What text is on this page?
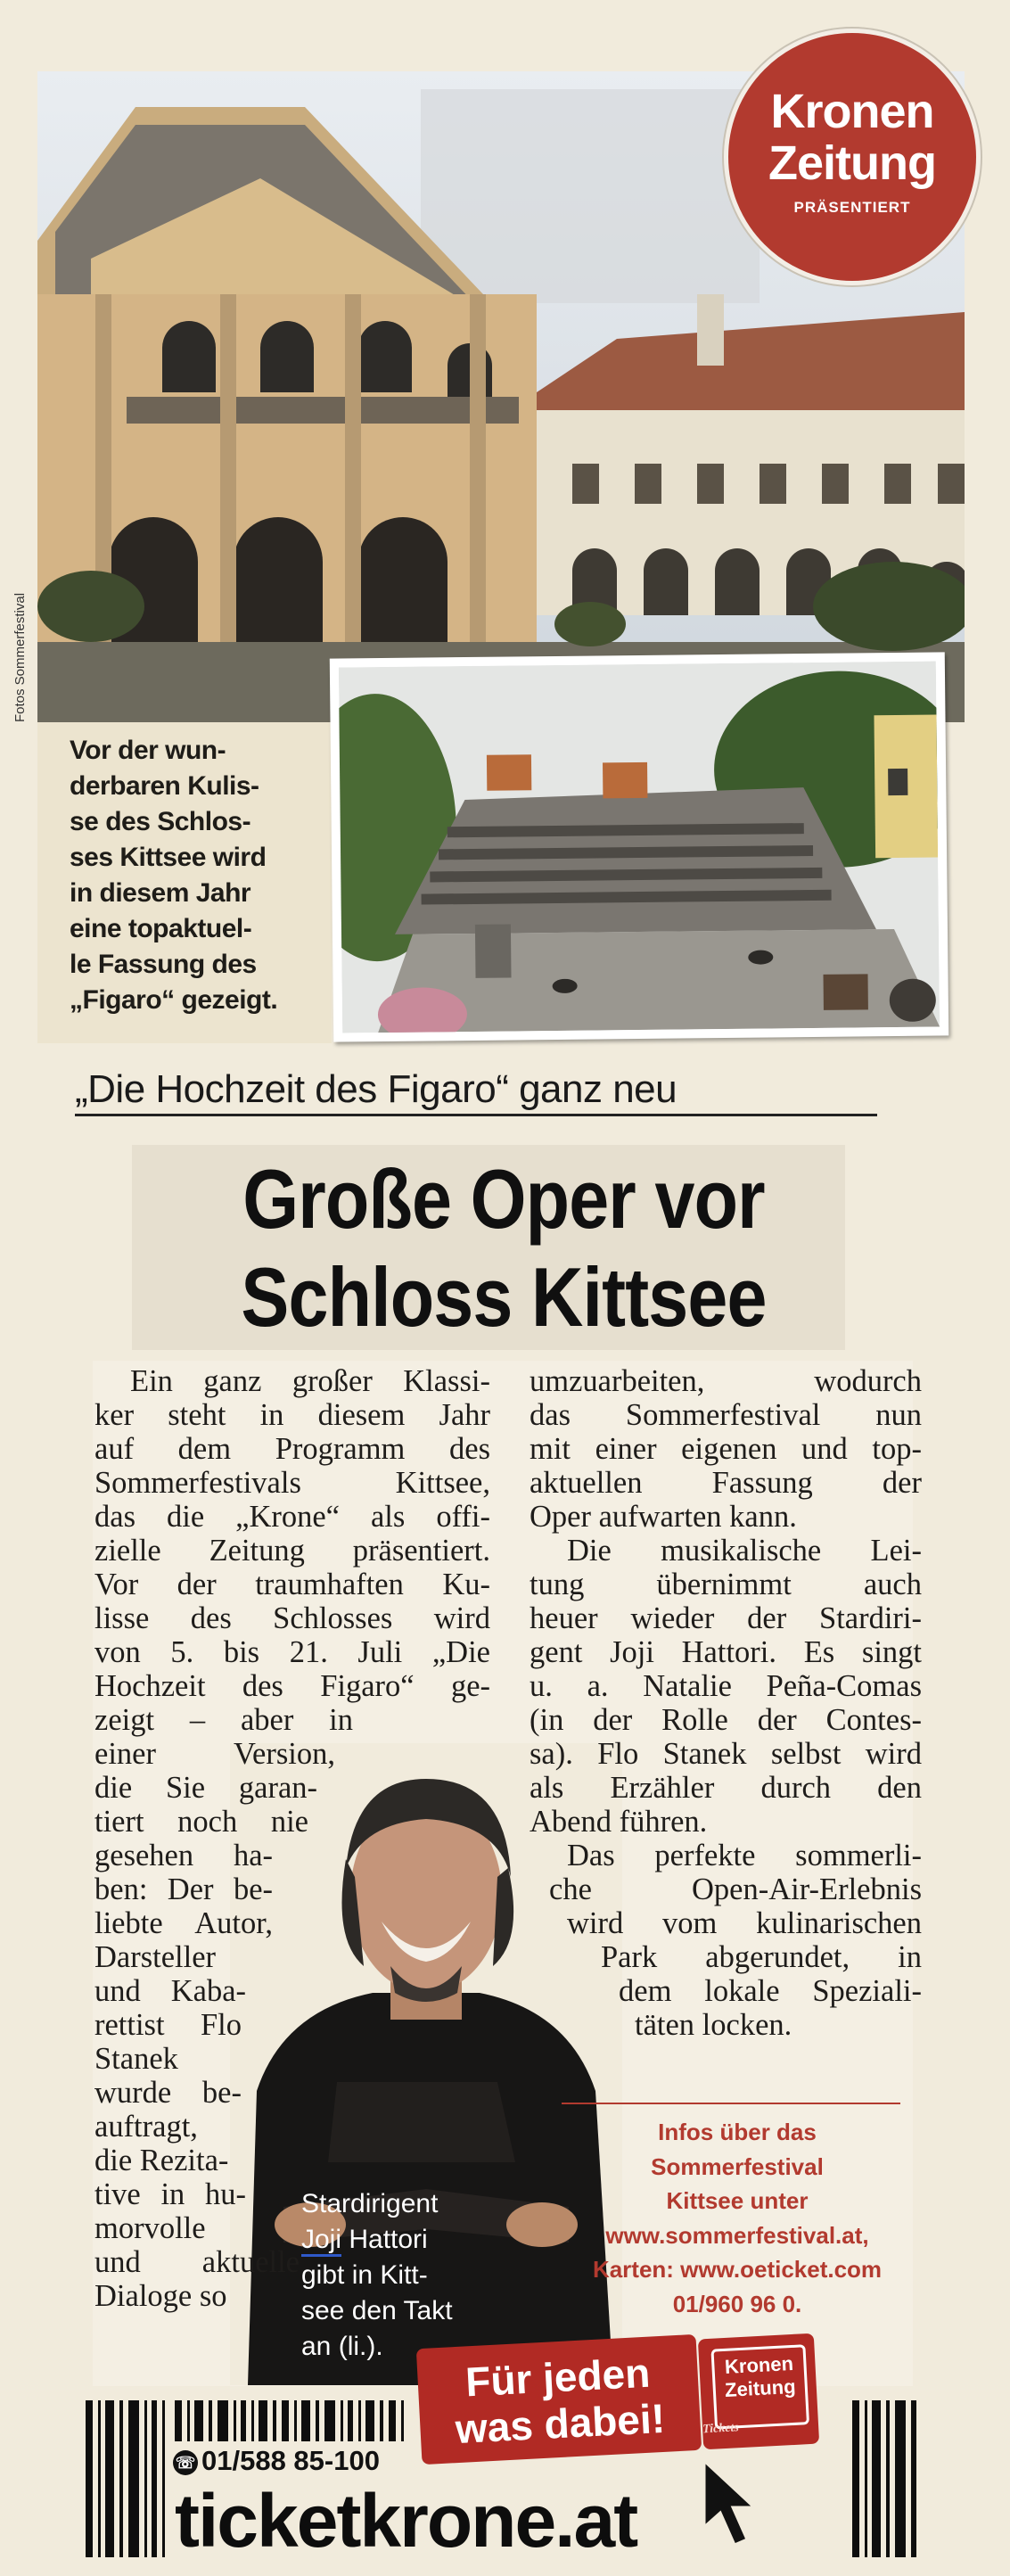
Fotos Sommerfestival
Kronen
Zeitung
PRÄSENTIERT
Vor der wun-
derbaren Kulis-
se des Schlos-
ses Kittsee wird
in diesem Jahr
eine topaktuel-
le Fassung des
„Figaro“ gezeigt.
„Die Hochzeit des Figaro“ ganz neu
Große Oper vor
Schloss Kittsee
Stardirigent
Joji Hattori
gibt in Kitt-
see den Takt
an (li.).
Infos über das
Sommerfestival
Kittsee unter
www.sommerfestival.at,
Karten: www.oeticket.com
01/960 96 0.
Für jeden
was dabei!
Kronen
Zeitung
Tickets
☏ 01/588 85-100
ticketkrone.at
Ein ganz großer Klassi-
ker steht in diesem Jahr
auf dem Programm des
Sommerfestivals Kittsee,
das die „Krone“ als offi-
zielle Zeitung präsentiert.
Vor der traumhaften Ku-
lisse des Schlosses wird
von 5. bis 21. Juli „Die
Hochzeit des Figaro“ ge-
zeigt – aber in
einer Version,
die Sie garan-
tiert noch nie
gesehen ha-
ben: Der be-
liebte Autor,
Darsteller
und Kaba-
rettist Flo
Stanek
wurde be-
auftragt,
die Rezita-
tive in hu-
morvolle
und aktuelle
Dialoge so
umzuarbeiten, wodurch
das Sommerfestival nun
mit einer eigenen und top-
aktuellen Fassung der
Oper aufwarten kann.
Die musikalische Lei-
tung übernimmt auch
heuer wieder der Stardiri-
gent Joji Hattori. Es singt
u. a. Natalie Peña-Comas
(in der Rolle der Contes-
sa). Flo Stanek selbst wird
als Erzähler durch den
Abend führen.
Das perfekte sommerli-
che Open-Air-Erlebnis
wird vom kulinarischen
Park abgerundet, in
dem lokale Speziali-
täten locken.
